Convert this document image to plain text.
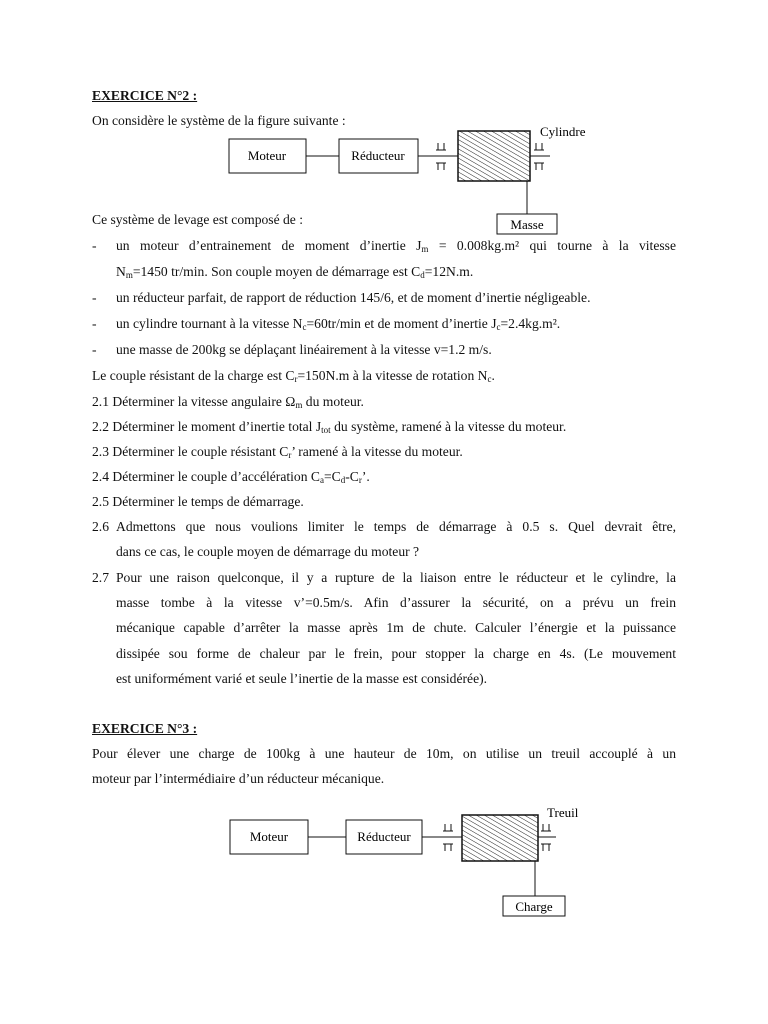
Moteur	Réducteur
Cylindre
Masse
Moteur	Réducteur
Treuil
Charge
EXERCICE N°2 :
On considère le système de la figure suivante :
Ce système de levage est composé de :
- un moteur d’entrainement de moment d’inertie $J_m = 0.008kg.m^2$ qui tourne à la vitesse
$N_m=1450$ tr/min. Son couple moyen de démarrage est $C_d=12N.m$.
- un réducteur parfait, de rapport de réduction 145/6, et de moment d’inertie négligeable.
- un cylindre tournant à la vitesse $N_c=60tr/\min$ et de moment d’inertie $J_c=2.4kg.m^2$.
- une masse de 200kg se déplaçant linéairement à la vitesse v=1.2 m/s.
Le couple résistant de la charge est $C_r=150N.m$ à la vitesse de rotation $N_c$.
2.1 Déterminer la vitesse angulaire $\Omega_m$ du moteur.
2.2 Déterminer le moment d’inertie total $J_{tot}$ du système, ramené à la vitesse du moteur.
2.3 Déterminer le couple résistant $C_r$’ ramené à la vitesse du moteur.
2.4 Déterminer le couple d’accélération $C_a=C_d-C_r$’.
2.5 Déterminer le temps de démarrage.
2.6 Admettons que nous voulions limiter le temps de démarrage à 0.5 s. Quel devrait être,
dans ce cas, le couple moyen de démarrage du moteur ?
2.7 Pour une raison quelconque, il y a rupture de la liaison entre le réducteur et le cylindre, la
masse tombe à la vitesse v’=0.5m/s. Afin d’assurer la sécurité, on a prévu un frein
mécanique capable d’arrêter la masse après 1m de chute. Calculer l’énergie et la puissance
dissipée sou forme de chaleur par le frein, pour stopper la charge en 4s. (Le mouvement
est uniformément varié et seule l’inertie de la masse est considérée).
EXERCICE N°3 :
Pour élever une charge de 100kg à une hauteur de 10m, on utilise un treuil accouplé à un
moteur par l’intermédiaire d’un réducteur mécanique.
